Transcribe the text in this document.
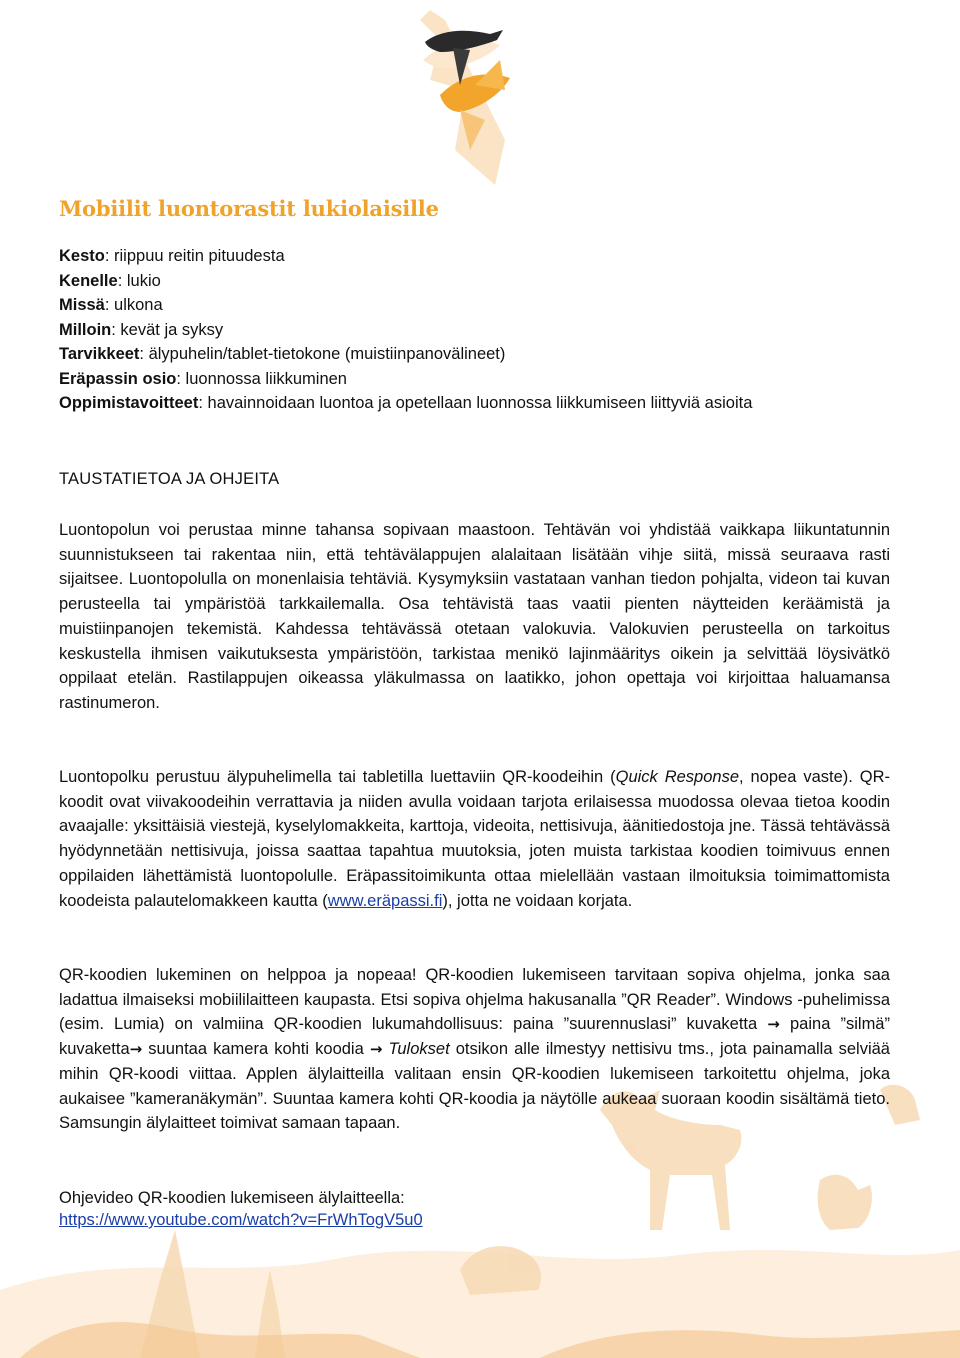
Mobiilit luontorastit lukiolaisille
Kesto: riippuu reitin pituudesta
Kenelle: lukio
Missä: ulkona
Milloin: kevät ja syksy
Tarvikkeet: älypuhelin/tablet-tietokone (muistiinpanovälineet)
Eräpassin osio: luonnossa liikkuminen
Oppimistavoitteet: havainnoidaan luontoa ja opetellaan luonnossa liikkumiseen liittyviä asioita
TAUSTATIETOA JA OHJEITA

Luontopolun voi perustaa minne tahansa sopivaan maastoon. Tehtävän voi yhdistää vaikkapa liikuntatunnin suunnistukseen tai rakentaa niin, että tehtävälappujen alalaitaan lisätään vihje siitä, missä seuraava rasti sijaitsee. Luontopolulla on monenlaisia tehtäviä. Kysymyksiin vastataan vanhan tiedon pohjalta, videon tai kuvan perusteella tai ympäristöä tarkkailemalla. Osa tehtävistä taas vaatii pienten näytteiden keräämistä ja muistiinpanojen tekemistä. Kahdessa tehtävässä otetaan valokuvia. Valokuvien perusteella on tarkoitus keskustella ihmisen vaikutuksesta ympäristöön, tarkistaa menikö lajinmääritys oikein ja selvittää löysivätkö oppilaat etelän. Rastilappujen oikeassa yläkulmassa on laatikko, johon opettaja voi kirjoittaa haluamansa rastinumeron.

Luontopolku perustuu älypuhelimella tai tabletilla luettaviin QR-koodeihin (Quick Response, nopea vaste). QR-koodit ovat viivakoodeihin verrattavia ja niiden avulla voidaan tarjota erilaisessa muodossa olevaa tietoa koodin avaajalle: yksittäisiä viestejä, kyselylomakkeita, karttoja, videoita, nettisivuja, äänitiedostoja jne. Tässä tehtävässä hyödynnetään nettisivuja, joissa saattaa tapahtua muutoksia, joten muista tarkistaa koodien toimivuus ennen oppilaiden lähettämistä luontopolulle. Eräpassitoimikunta ottaa mielellään vastaan ilmoituksia toimimattomista koodeista palautelomakkeen kautta (www.eräpassi.fi), jotta ne voidaan korjata.

QR-koodien lukeminen on helppoa ja nopeaa! QR-koodien lukemiseen tarvitaan sopiva ohjelma, jonka saa ladattua ilmaiseksi mobiililaitteen kaupasta. Etsi sopiva ohjelma hakusanalla ”QR Reader”. Windows -puhelimissa (esim. Lumia) on valmiina QR-koodien lukumahdollisuus: paina ”suurennuslasi” kuvaketta → paina ”silmä” kuvaketta→ suuntaa kamera kohti koodia → Tulokset otsikon alle ilmestyy nettisivu tms., jota painamalla selviää mihin QR-koodi viittaa. Applen älylaitteilla valitaan ensin QR-koodien lukemiseen tarkoitettu ohjelma, joka aukaisee ”kameranäkymän”. Suuntaa kamera kohti QR-koodia ja näytölle aukeaa suoraan koodin sisältämä tieto. Samsungin älylaitteet toimivat samaan tapaan.

Ohjevideo QR-koodien lukemiseen älylaitteella:
https://www.youtube.com/watch?v=FrWhTogV5u0
